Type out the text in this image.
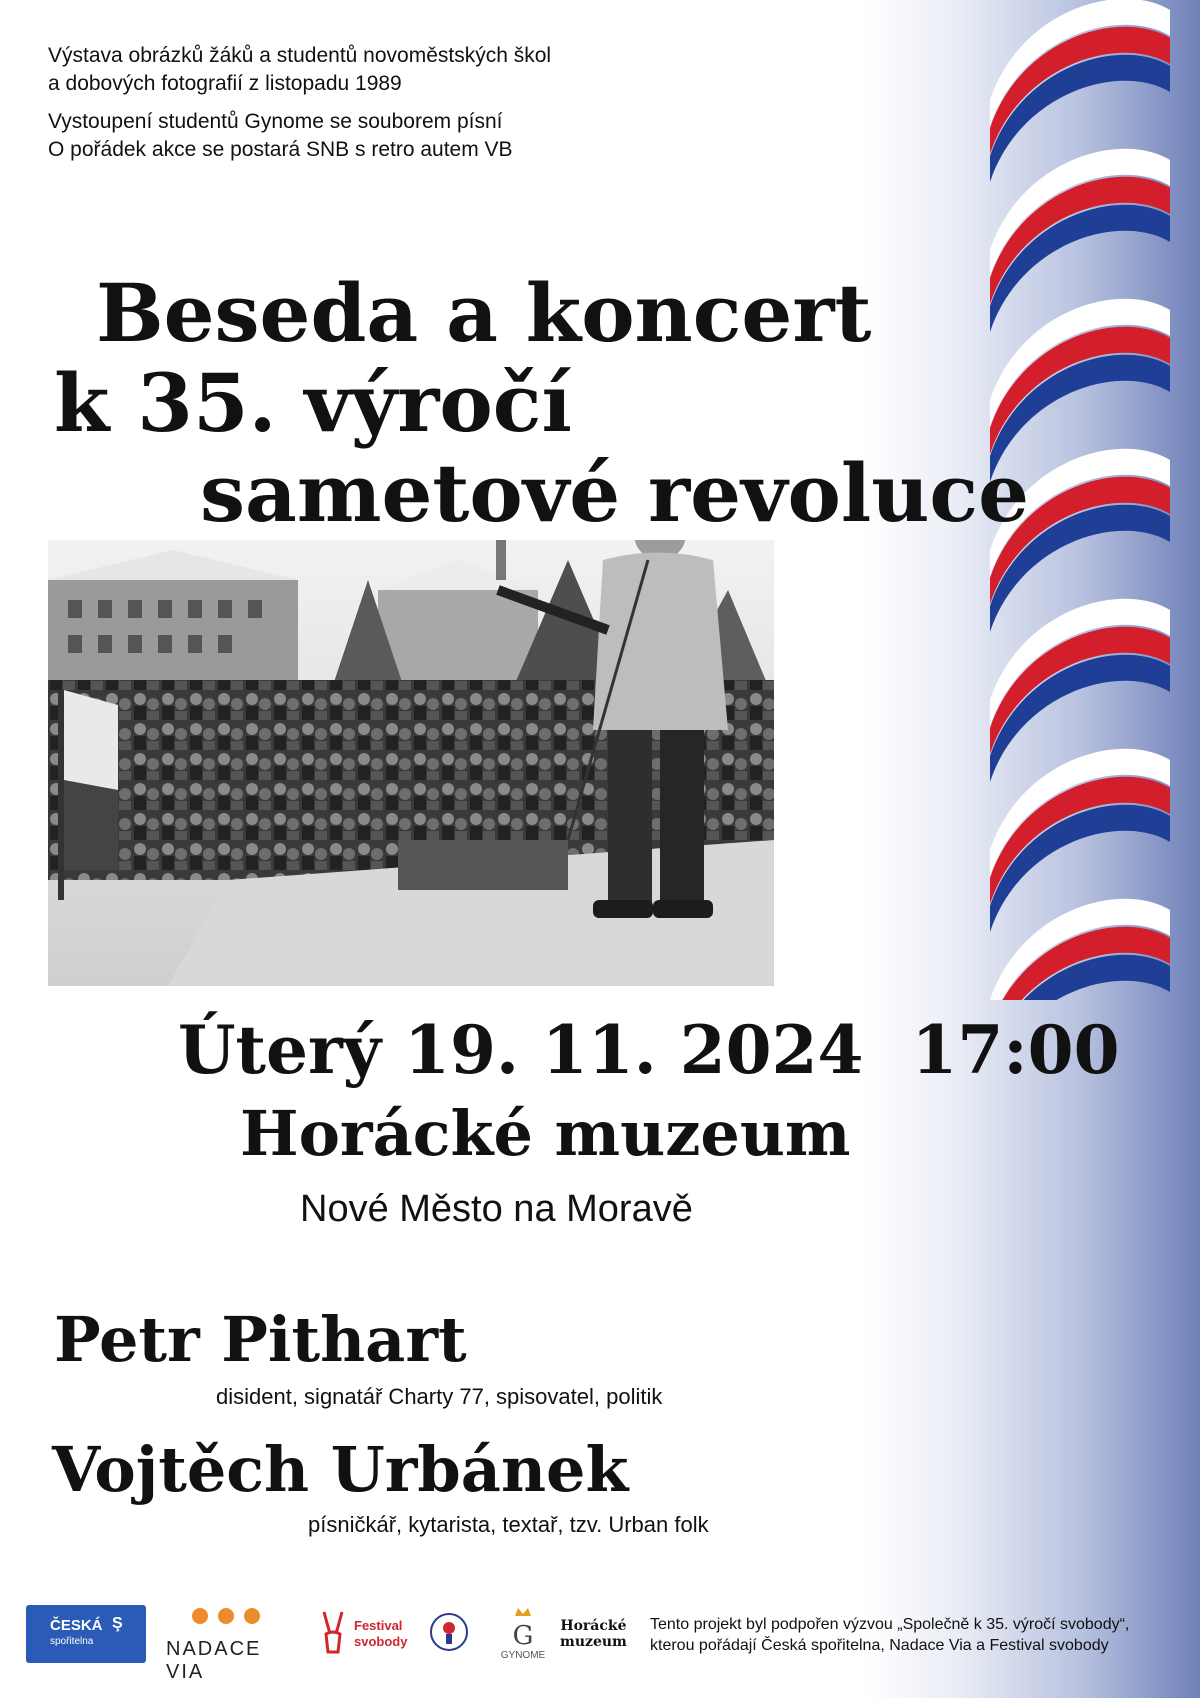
Výstava obrázků žáků a studentů novoměstských škol
a dobových fotografií z listopadu 1989

Vystoupení studentů Gynome se souborem písní
O pořádek akce se postará SNB s retro autem VB

Beseda a koncert
k 35. výročí
sametové revoluce
Úterý 19. 11. 2024 17:00
Horácké muzeum
Nové Město na Moravě
Petr Pithart
disident, signatář Charty 77, spisovatel, politik
Vojtěch Urbánek
písničkář, kytarista, textař, tzv. Urban folk
ČESKÁ Ş
spořitelna	NADACE VIA
Festival
svobody	G
GYNOME
Horácké
muzeum
Tento projekt byl podpořen výzvou „Společně k 35. výročí svobody“,
kterou pořádají Česká spořitelna, Nadace Via a Festival svobody
